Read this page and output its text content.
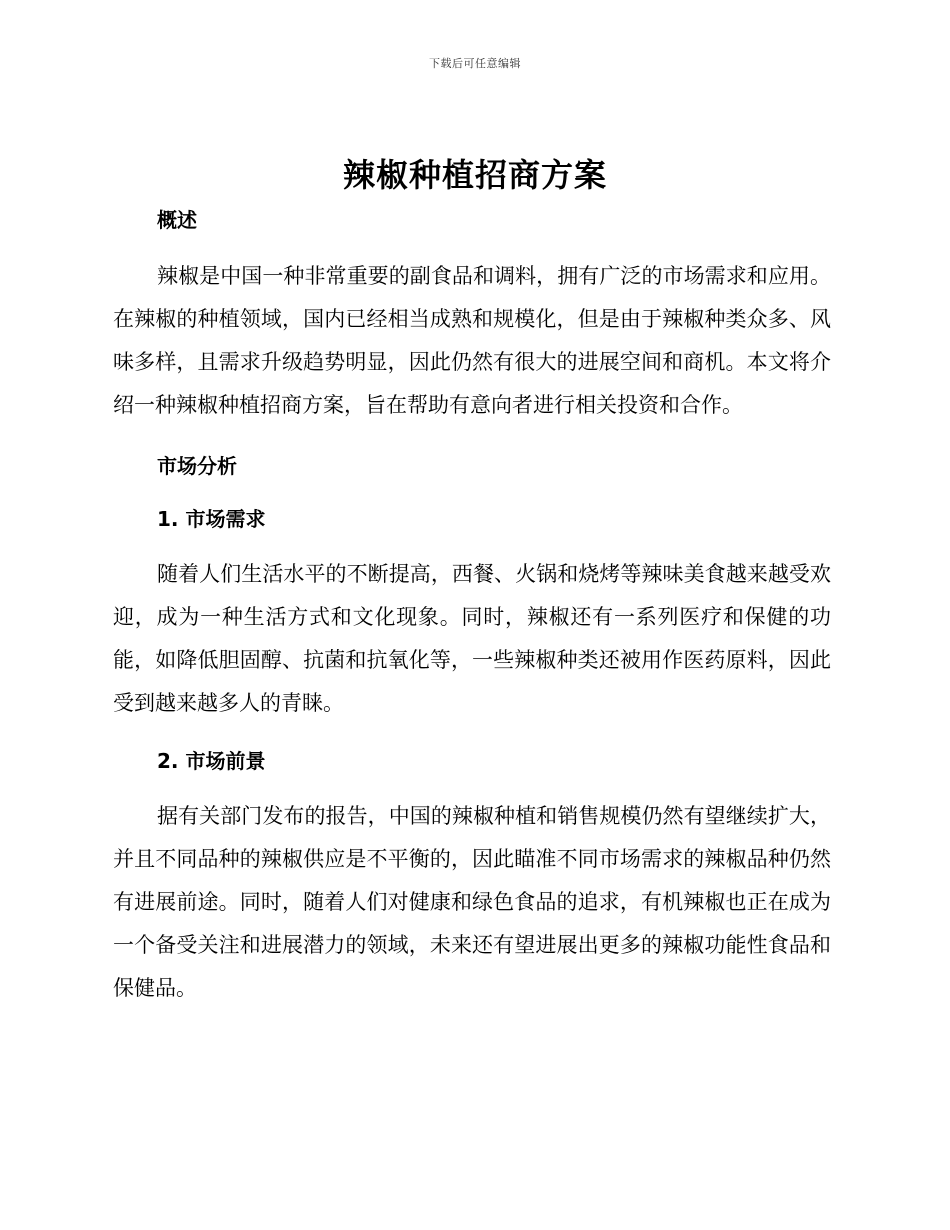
下载后可任意编辑
辣椒种植招商方案
概述

辣椒是中国一种非常重要的副食品和调料，拥有广泛的市场需求和应用。在辣椒的种植领域，国内已经相当成熟和规模化，但是由于辣椒种类众多、风味多样，且需求升级趋势明显，因此仍然有很大的进展空间和商机。本文将介绍一种辣椒种植招商方案，旨在帮助有意向者进行相关投资和合作。

市场分析
1. 市场需求

随着人们生活水平的不断提高，西餐、火锅和烧烤等辣味美食越来越受欢迎，成为一种生活方式和文化现象。同时，辣椒还有一系列医疗和保健的功能，如降低胆固醇、抗菌和抗氧化等，一些辣椒种类还被用作医药原料，因此受到越来越多人的青睐。

2. 市场前景

据有关部门发布的报告，中国的辣椒种植和销售规模仍然有望继续扩大，并且不同品种的辣椒供应是不平衡的，因此瞄准不同市场需求的辣椒品种仍然有进展前途。同时，随着人们对健康和绿色食品的追求，有机辣椒也正在成为一个备受关注和进展潜力的领域，未来还有望进展出更多的辣椒功能性食品和保健品。
